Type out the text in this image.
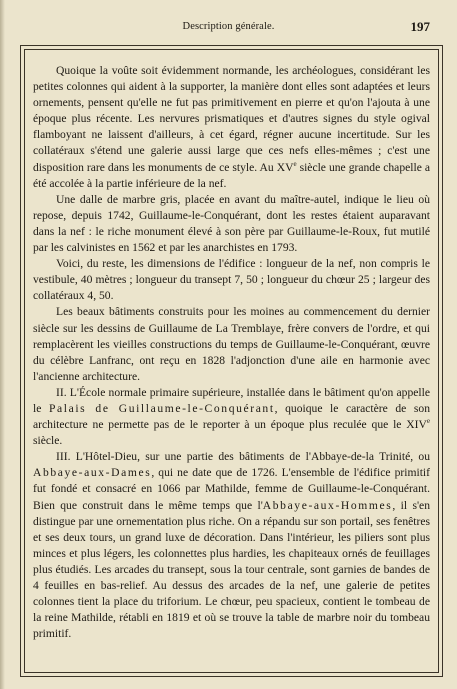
Description générale.	197

Quoique la voûte soit évidemment normande, les archéologues, considérant les petites colonnes qui aident à la supporter, la manière dont elles sont adaptées et leurs ornements, pensent qu'elle ne fut pas primitivement en pierre et qu'on l'ajouta à une époque plus récente. Les nervures prismatiques et d'autres signes du style ogival flamboyant ne laissent d'ailleurs, à cet égard, régner aucune incertitude. Sur les collatéraux s'étend une galerie aussi large que ces nefs elles-mêmes ; c'est une disposition rare dans les monuments de ce style. Au XVe siècle une grande chapelle a été accolée à la partie inférieure de la nef.

Une dalle de marbre gris, placée en avant du maître-autel, indique le lieu où repose, depuis 1742, Guillaume-le-Conquérant, dont les restes étaient auparavant dans la nef : le riche monument élevé à son père par Guillaume-le-Roux, fut mutilé par les calvinistes en 1562 et par les anarchistes en 1793.

Voici, du reste, les dimensions de l'édifice : longueur de la nef, non compris le vestibule, 40 mètres ; longueur du transept 7, 50 ; longueur du chœur 25 ; largeur des collatéraux 4, 50.

Les beaux bâtiments construits pour les moines au commencement du dernier siècle sur les dessins de Guillaume de La Tremblaye, frère convers de l'ordre, et qui remplacèrent les vieilles constructions du temps de Guillaume-le-Conquérant, œuvre du célèbre Lanfranc, ont reçu en 1828 l'adjonction d'une aile en harmonie avec l'ancienne architecture.

II. L'École normale primaire supérieure, installée dans le bâtiment qu'on appelle le Palais de Guillaume-le-Conquérant, quoique le caractère de son architecture ne permette pas de le reporter à un époque plus reculée que le XIVe siècle.

III. L'Hôtel-Dieu, sur une partie des bâtiments de l'Abbaye-de-la Trinité, ou Abbaye-aux-Dames, qui ne date que de 1726. L'ensemble de l'édifice primitif fut fondé et consacré en 1066 par Mathilde, femme de Guillaume-le-Conquérant. Bien que construit dans le même temps que l'Abbaye-aux-Hommes, il s'en distingue par une ornementation plus riche. On a répandu sur son portail, ses fenêtres et ses deux tours, un grand luxe de décoration. Dans l'intérieur, les piliers sont plus minces et plus légers, les colonnettes plus hardies, les chapiteaux ornés de feuillages plus étudiés. Les arcades du transept, sous la tour centrale, sont garnies de bandes de 4 feuilles en bas-relief. Au dessus des arcades de la nef, une galerie de petites colonnes tient la place du triforium. Le chœur, peu spacieux, contient le tombeau de la reine Mathilde, rétabli en 1819 et où se trouve la table de marbre noir du tombeau primitif.
